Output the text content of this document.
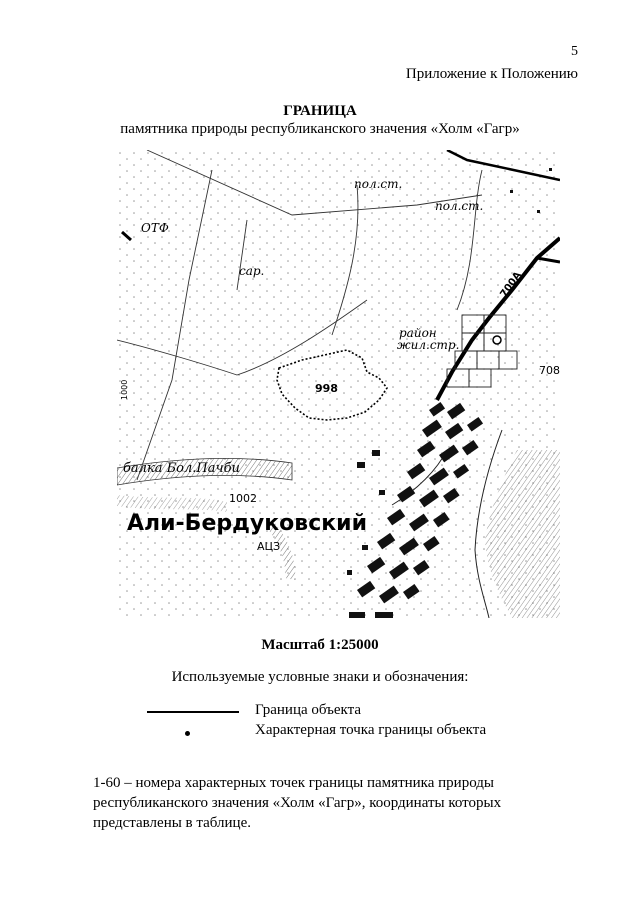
5
Приложение к Положению
ГРАНИЦА
памятника природы республиканского значения «Холм «Гагр»
пол.ст.
пол.ст.
ОТФ
сар.
район
жил.стр.
998
балка Бол.Пачби
1002
Али-Бердуковский
АЦЗ
700А
708
1000
Масштаб 1:25000
Используемые условные знаки и обозначения:
Граница объекта
Характерная точка границы объекта
1-60 – номера характерных точек границы памятника природы республиканского значения «Холм «Гагр», координаты которых представлены в таблице.
